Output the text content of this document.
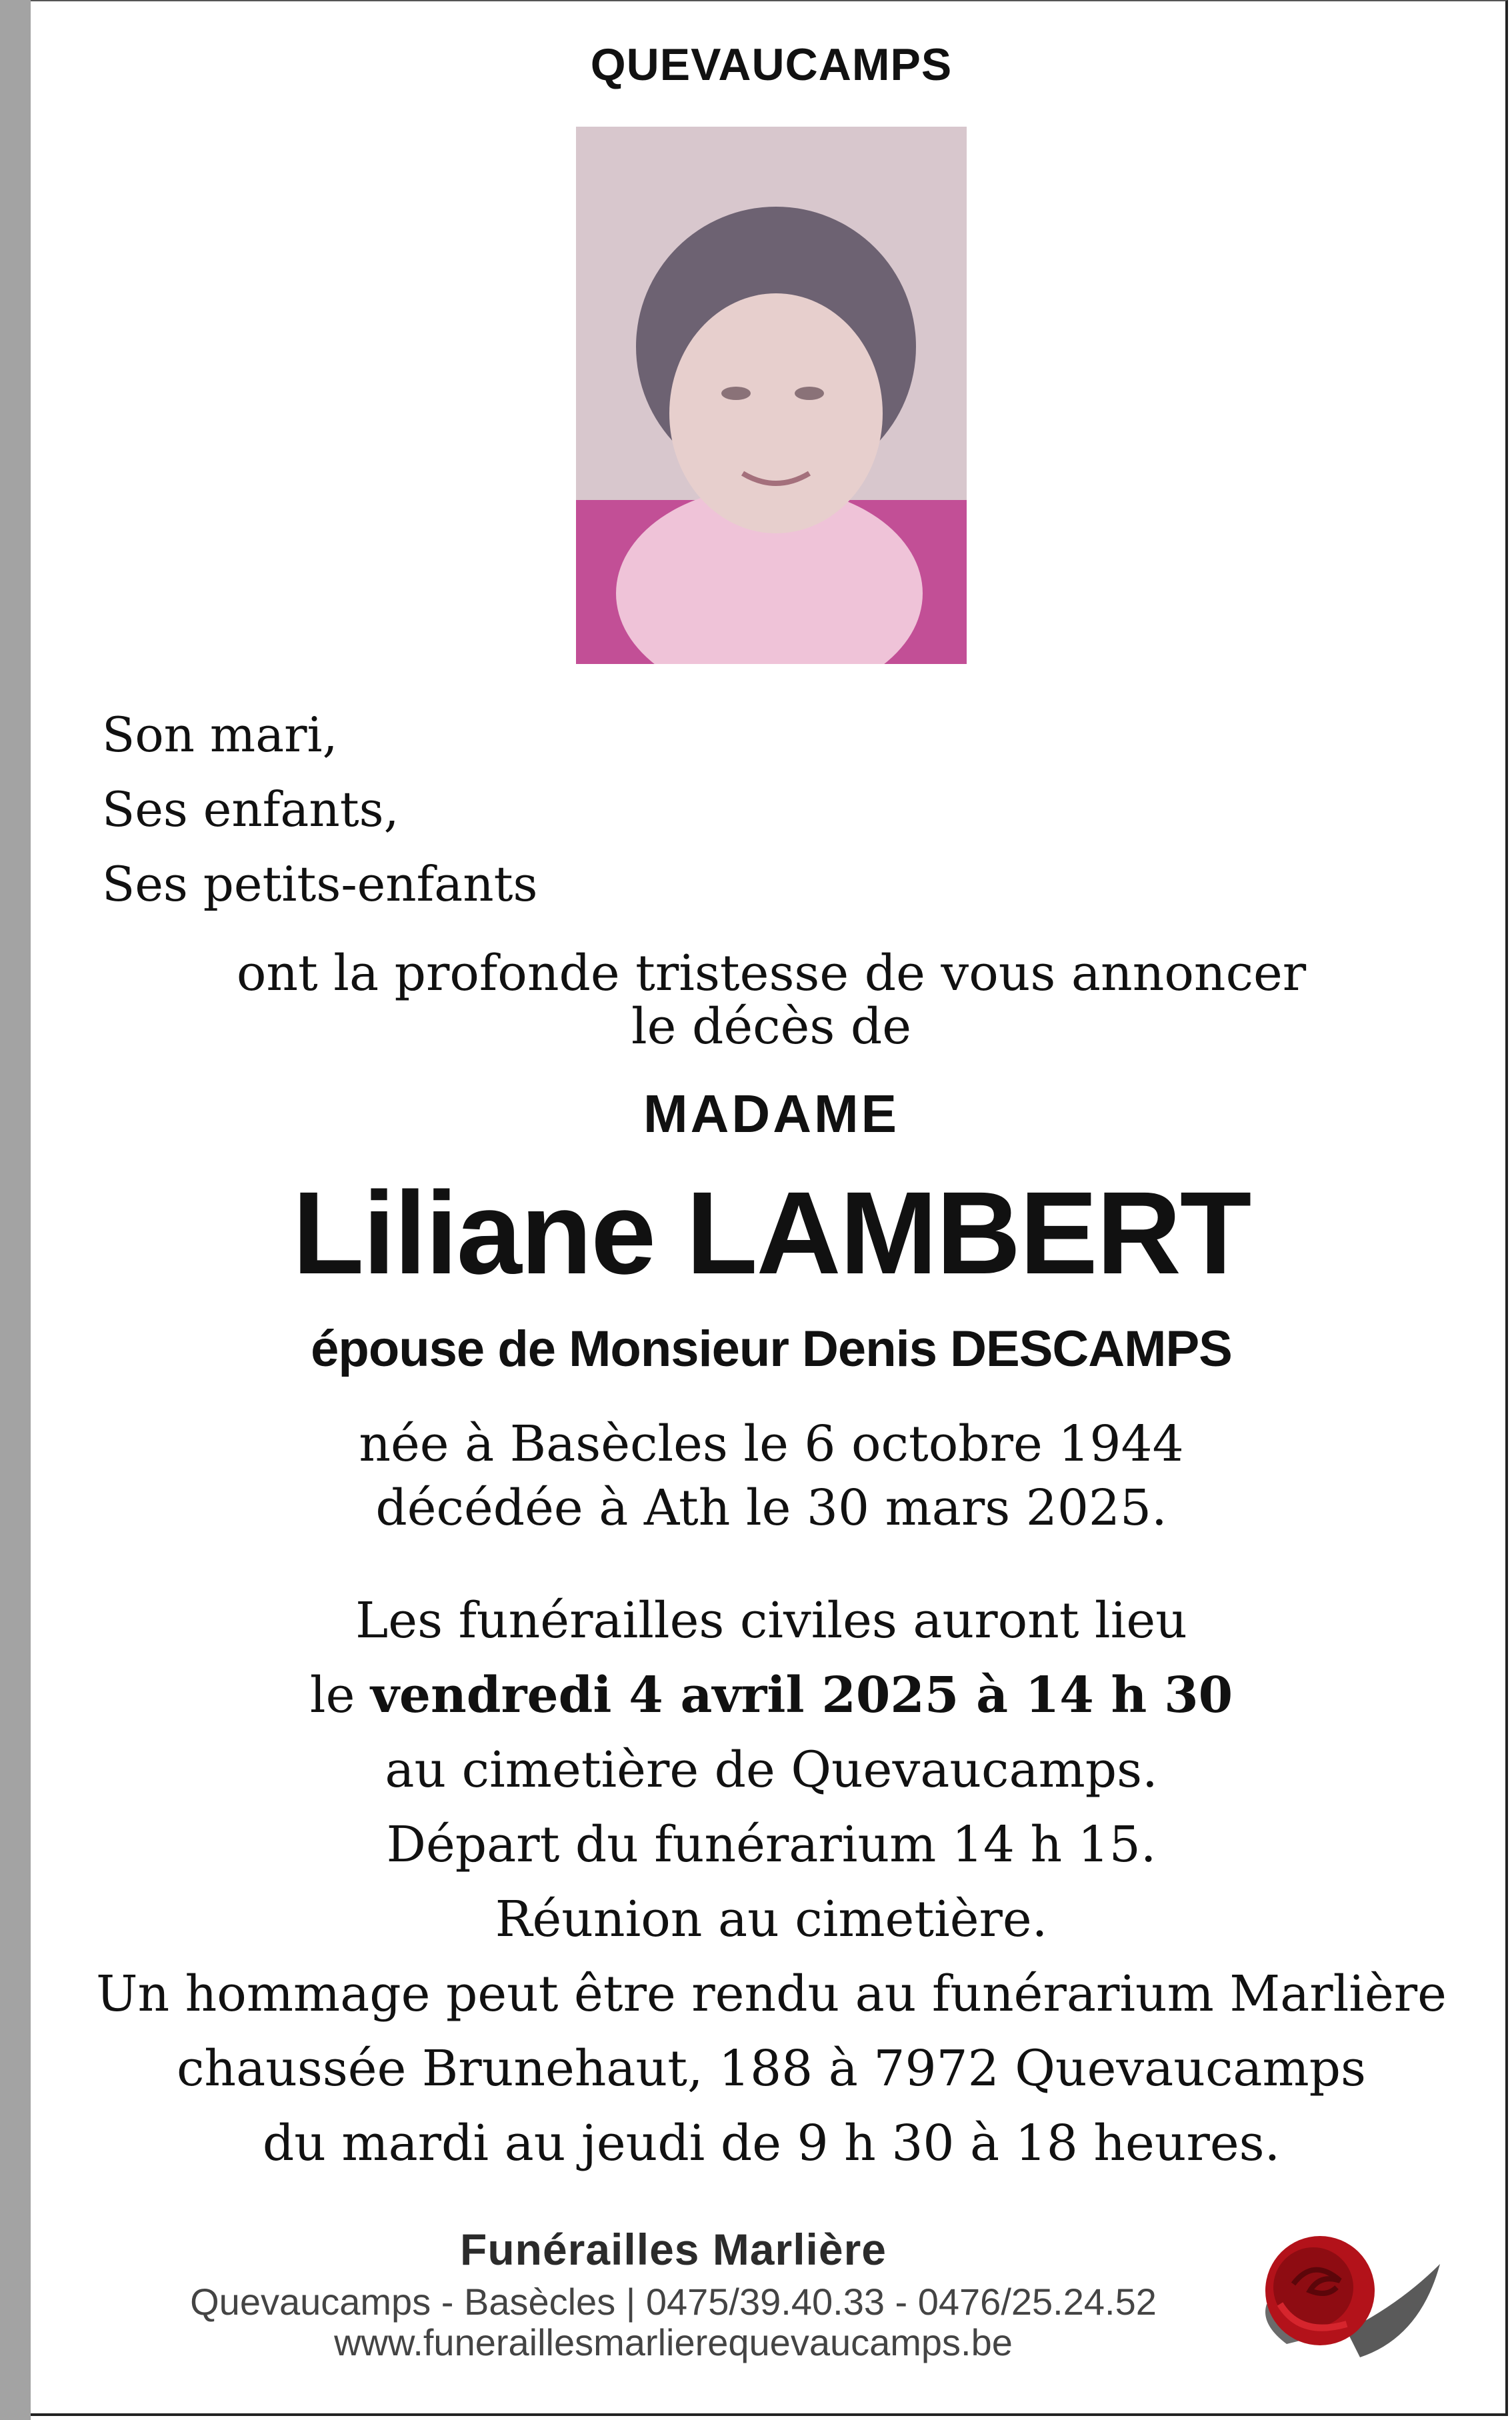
QUEVAUCAMPS
Son mari,
Ses enfants,
Ses petits-enfants
ont la profonde tristesse de vous annoncer
le décès de
MADAME
Liliane LAMBERT
épouse de Monsieur Denis DESCAMPS
née à Basècles le 6 octobre 1944
décédée à Ath le 30 mars 2025.
Les funérailles civiles auront lieu
le vendredi 4 avril 2025 à 14 h 30
au cimetière de Quevaucamps.
Départ du funérarium 14 h 15.
Réunion au cimetière.
Un hommage peut être rendu au funérarium Marlière
chaussée Brunehaut, 188 à 7972 Quevaucamps
du mardi au jeudi de 9 h 30 à 18 heures.
Funérailles Marlière
Quevaucamps - Basècles | 0475/39.40.33 - 0476/25.24.52
www.funeraillesmarlierequevaucamps.be
